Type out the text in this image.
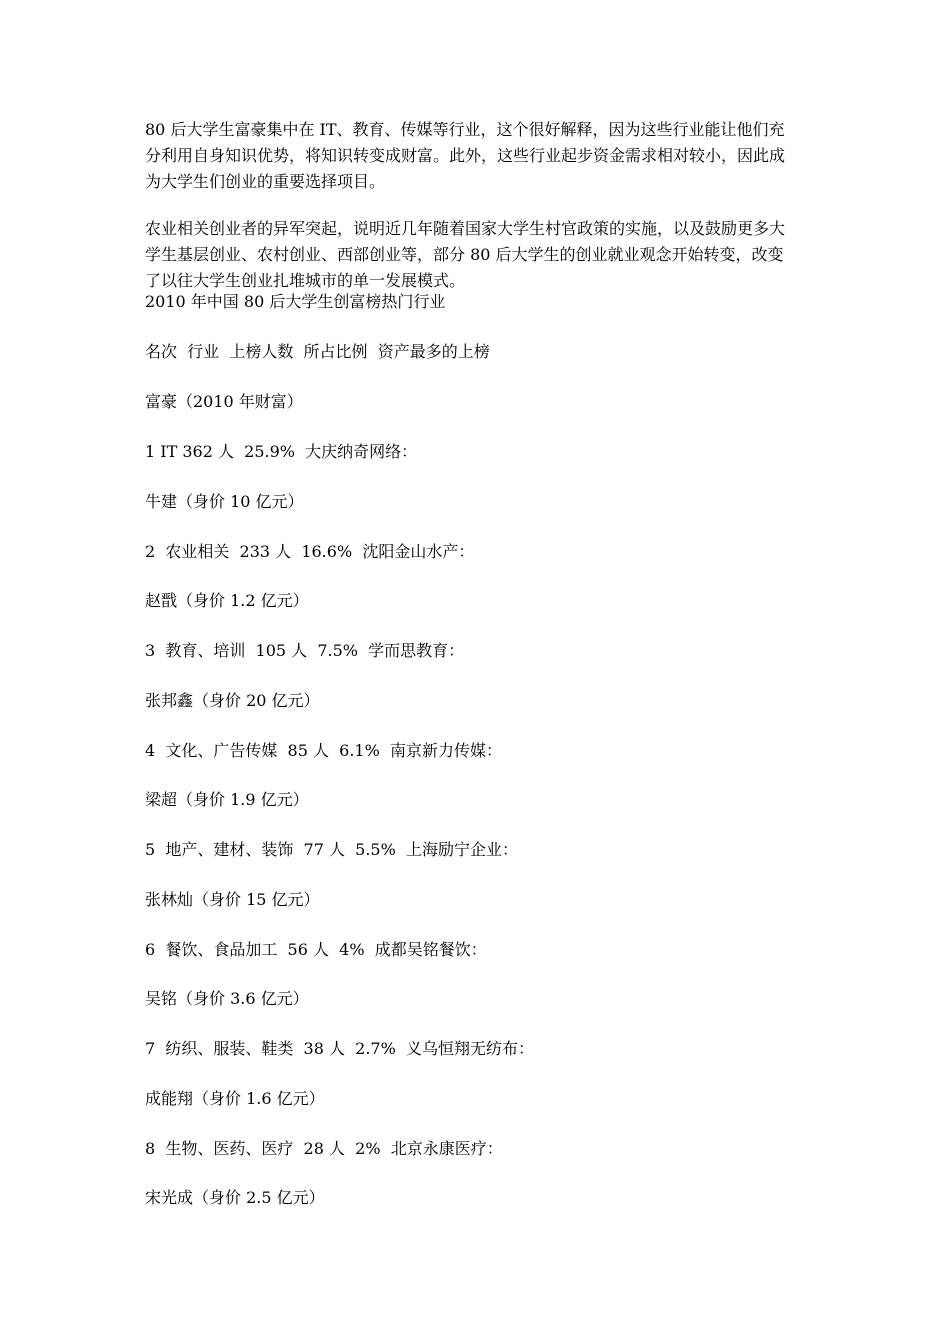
80 后大学生富豪集中在 IT、教育、传媒等行业，这个很好解释，因为这些行业能让他们充
分利用自身知识优势，将知识转变成财富。此外，这些行业起步资金需求相对较小，因此成
为大学生们创业的重要选择项目。
农业相关创业者的异军突起，说明近几年随着国家大学生村官政策的实施，以及鼓励更多大
学生基层创业、农村创业、西部创业等，部分 80 后大学生的创业就业观念开始转变，改变
了以往大学生创业扎堆城市的单一发展模式。
2010 年中国 80 后大学生创富榜热门行业
名次  行业  上榜人数  所占比例  资产最多的上榜
富豪（2010 年财富）
1 IT 362 人  25.9%  大庆纳奇网络：
牛建（身价 10 亿元）
2  农业相关  233 人  16.6%  沈阳金山水产：
赵戬（身价 1.2 亿元）
3  教育、培训  105 人  7.5%  学而思教育：
张邦鑫（身价 20 亿元）
4  文化、广告传媒  85 人  6.1%  南京新力传媒：
梁超（身价 1.9 亿元）
5  地产、建材、装饰  77 人  5.5%  上海励宁企业：
张林灿（身价 15 亿元）
6  餐饮、食品加工  56 人  4%  成都吴铭餐饮：
吴铭（身价 3.6 亿元）
7  纺织、服装、鞋类  38 人  2.7%  义乌恒翔无纺布：
成能翔（身价 1.6 亿元）
8  生物、医药、医疗  28 人  2%  北京永康医疗：
宋光成（身价 2.5 亿元）
